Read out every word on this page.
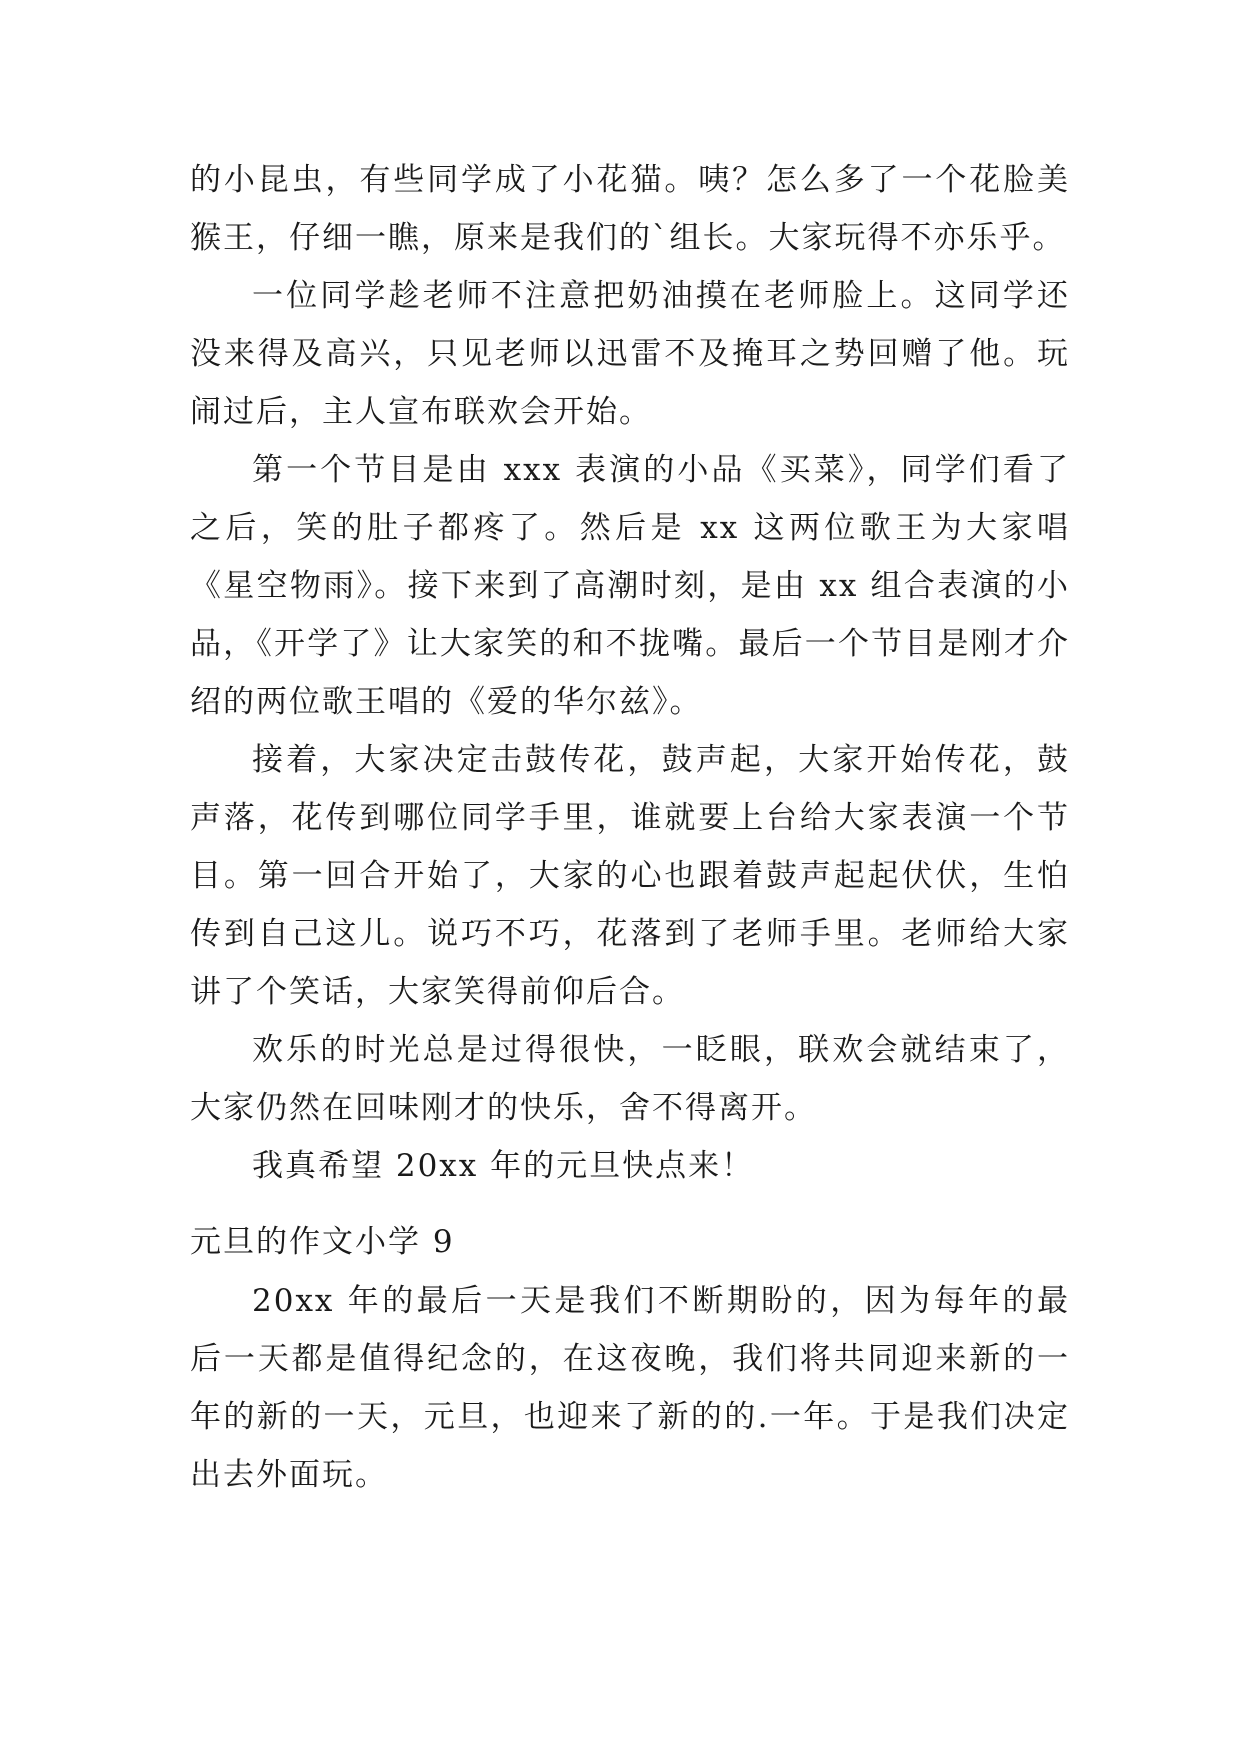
的小昆虫，有些同学成了小花猫。咦？怎么多了一个花脸美猴王，仔细一瞧，原来是我们的`组长。大家玩得不亦乐乎。

一位同学趁老师不注意把奶油摸在老师脸上。这同学还没来得及高兴，只见老师以迅雷不及掩耳之势回赠了他。玩闹过后，主人宣布联欢会开始。

第一个节目是由 xxx 表演的小品《买菜》，同学们看了之后，笑的肚子都疼了。然后是 xx 这两位歌王为大家唱《星空物雨》。接下来到了高潮时刻，是由 xx 组合表演的小品，《开学了》让大家笑的和不拢嘴。最后一个节目是刚才介绍的两位歌王唱的《爱的华尔兹》。

接着，大家决定击鼓传花，鼓声起，大家开始传花，鼓声落，花传到哪位同学手里，谁就要上台给大家表演一个节目。第一回合开始了，大家的心也跟着鼓声起起伏伏，生怕传到自己这儿。说巧不巧，花落到了老师手里。老师给大家讲了个笑话，大家笑得前仰后合。

欢乐的时光总是过得很快，一眨眼，联欢会就结束了，大家仍然在回味刚才的快乐，舍不得离开。

我真希望 20xx 年的元旦快点来！

元旦的作文小学 9

20xx 年的最后一天是我们不断期盼的，因为每年的最后一天都是值得纪念的，在这夜晚，我们将共同迎来新的一年的新的一天，元旦，也迎来了新的的.一年。于是我们决定出去外面玩。
